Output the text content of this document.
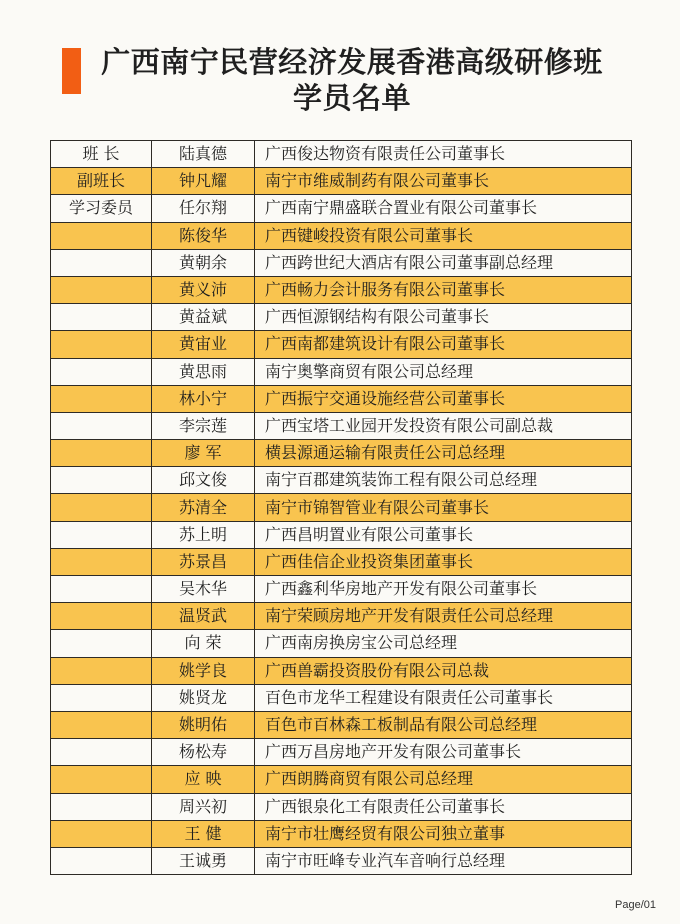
广西南宁民营经济发展香港高级研修班
学员名单
班 长	陆真德	广西俊达物资有限责任公司董事长
副班长	钟凡耀	南宁市维威制药有限公司董事长
学习委员	任尔翔	广西南宁鼎盛联合置业有限公司董事长
	陈俊华	广西键峻投资有限公司董事长
	黄朝余	广西跨世纪大酒店有限公司董事副总经理
	黄义沛	广西畅力会计服务有限公司董事长
	黄益斌	广西恒源钢结构有限公司董事长
	黄宙业	广西南都建筑设计有限公司董事长
	黄思雨	南宁奥擎商贸有限公司总经理
	林小宁	广西振宁交通设施经营公司董事长
	李宗莲	广西宝塔工业园开发投资有限公司副总裁
	廖 军	横县源通运输有限责任公司总经理
	邱文俊	南宁百郡建筑装饰工程有限公司总经理
	苏清全	南宁市锦智管业有限公司董事长
	苏上明	广西昌明置业有限公司董事长
	苏景昌	广西佳信企业投资集团董事长
	吴木华	广西鑫利华房地产开发有限公司董事长
	温贤武	南宁荣顾房地产开发有限责任公司总经理
	向 荣	广西南房换房宝公司总经理
	姚学良	广西兽霸投资股份有限公司总裁
	姚贤龙	百色市龙华工程建设有限责任公司董事长
	姚明佑	百色市百林森工板制品有限公司总经理
	杨松寿	广西万昌房地产开发有限公司董事长
	应 映	广西朗腾商贸有限公司总经理
	周兴初	广西银泉化工有限责任公司董事长
	王 健	南宁市壮鹰经贸有限公司独立董事
	王诚勇	南宁市旺峰专业汽车音响行总经理
Page/01
